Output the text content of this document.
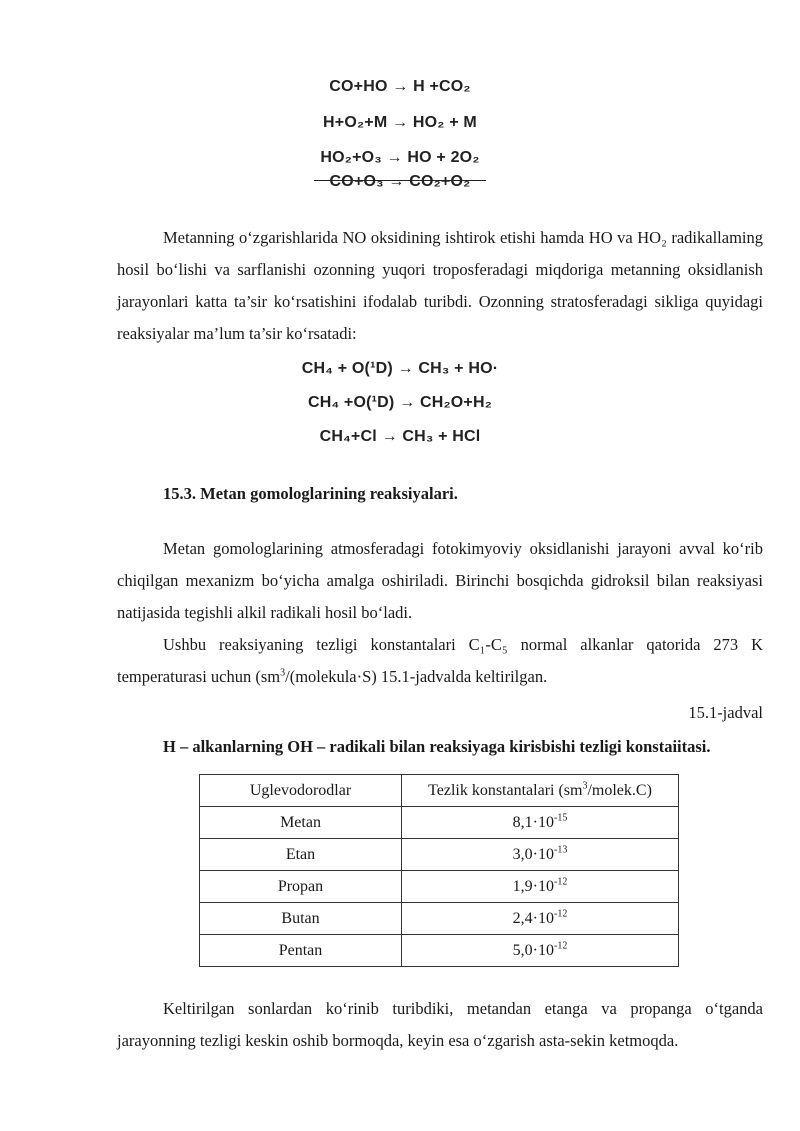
CO+HO → H +CO₂
H+O₂+M → HO₂ + M
HO₂+O₃ → HO + 2O₂
CO+O₃ → CO₂+O₂

Metanning o‘zgarishlarida NO oksidining ishtirok etishi hamda HO va HO₂ radikallaming hosil bo‘lishi va sarflanishi ozonning yuqori troposferadagi miqdoriga metanning oksidlanish jarayonlari katta ta’sir ko‘rsatishini ifodalab turibdi. Ozonning stratosferadagi sikliga quyidagi reaksiyalar ma’lum ta’sir ko‘rsatadi:

CH₄ + O(¹D) → CH₃ + HO·
CH₄ +O(¹D) → CH₂O+H₂
CH₄+Cl → CH₃ + HCl
15.3. Metan gomologlarining reaksiyalari.

Metan gomologlarining atmosferadagi fotokimyoviy oksidlanishi jarayoni avval ko‘rib chiqilgan mexanizm bo‘yicha amalga oshiriladi. Birinchi bosqichda gidroksil bilan reaksiyasi natijasida tegishli alkil radikali hosil bo‘ladi.

Ushbu reaksiyaning tezligi konstantalari C₁-C₅ normal alkanlar qatorida 273 K temperaturasi uchun ($sm^3/(molekula\cdot S)$ 15.1-jadvalda keltirilgan.

15.1-jadval

H – alkanlarning OH – radikali bilan reaksiyaga kirisbishi tezligi konstaiitasi.

Uglevodorodlar	Tezlik konstantalari $(sm^3/molek.C)$
Metan	$8,1\cdot 10^{-15}$
Etan	$3,0\cdot 10^{-13}$
Propan	$1,9\cdot 10^{-12}$
Butan	$2,4\cdot 10^{-12}$
Pentan	$5,0\cdot 10^{-12}$

Keltirilgan sonlardan ko‘rinib turibdiki, metandan etanga va propanga o‘tganda jarayonning tezligi keskin oshib bormoqda, keyin esa o‘zgarish asta-sekin ketmoqda.
